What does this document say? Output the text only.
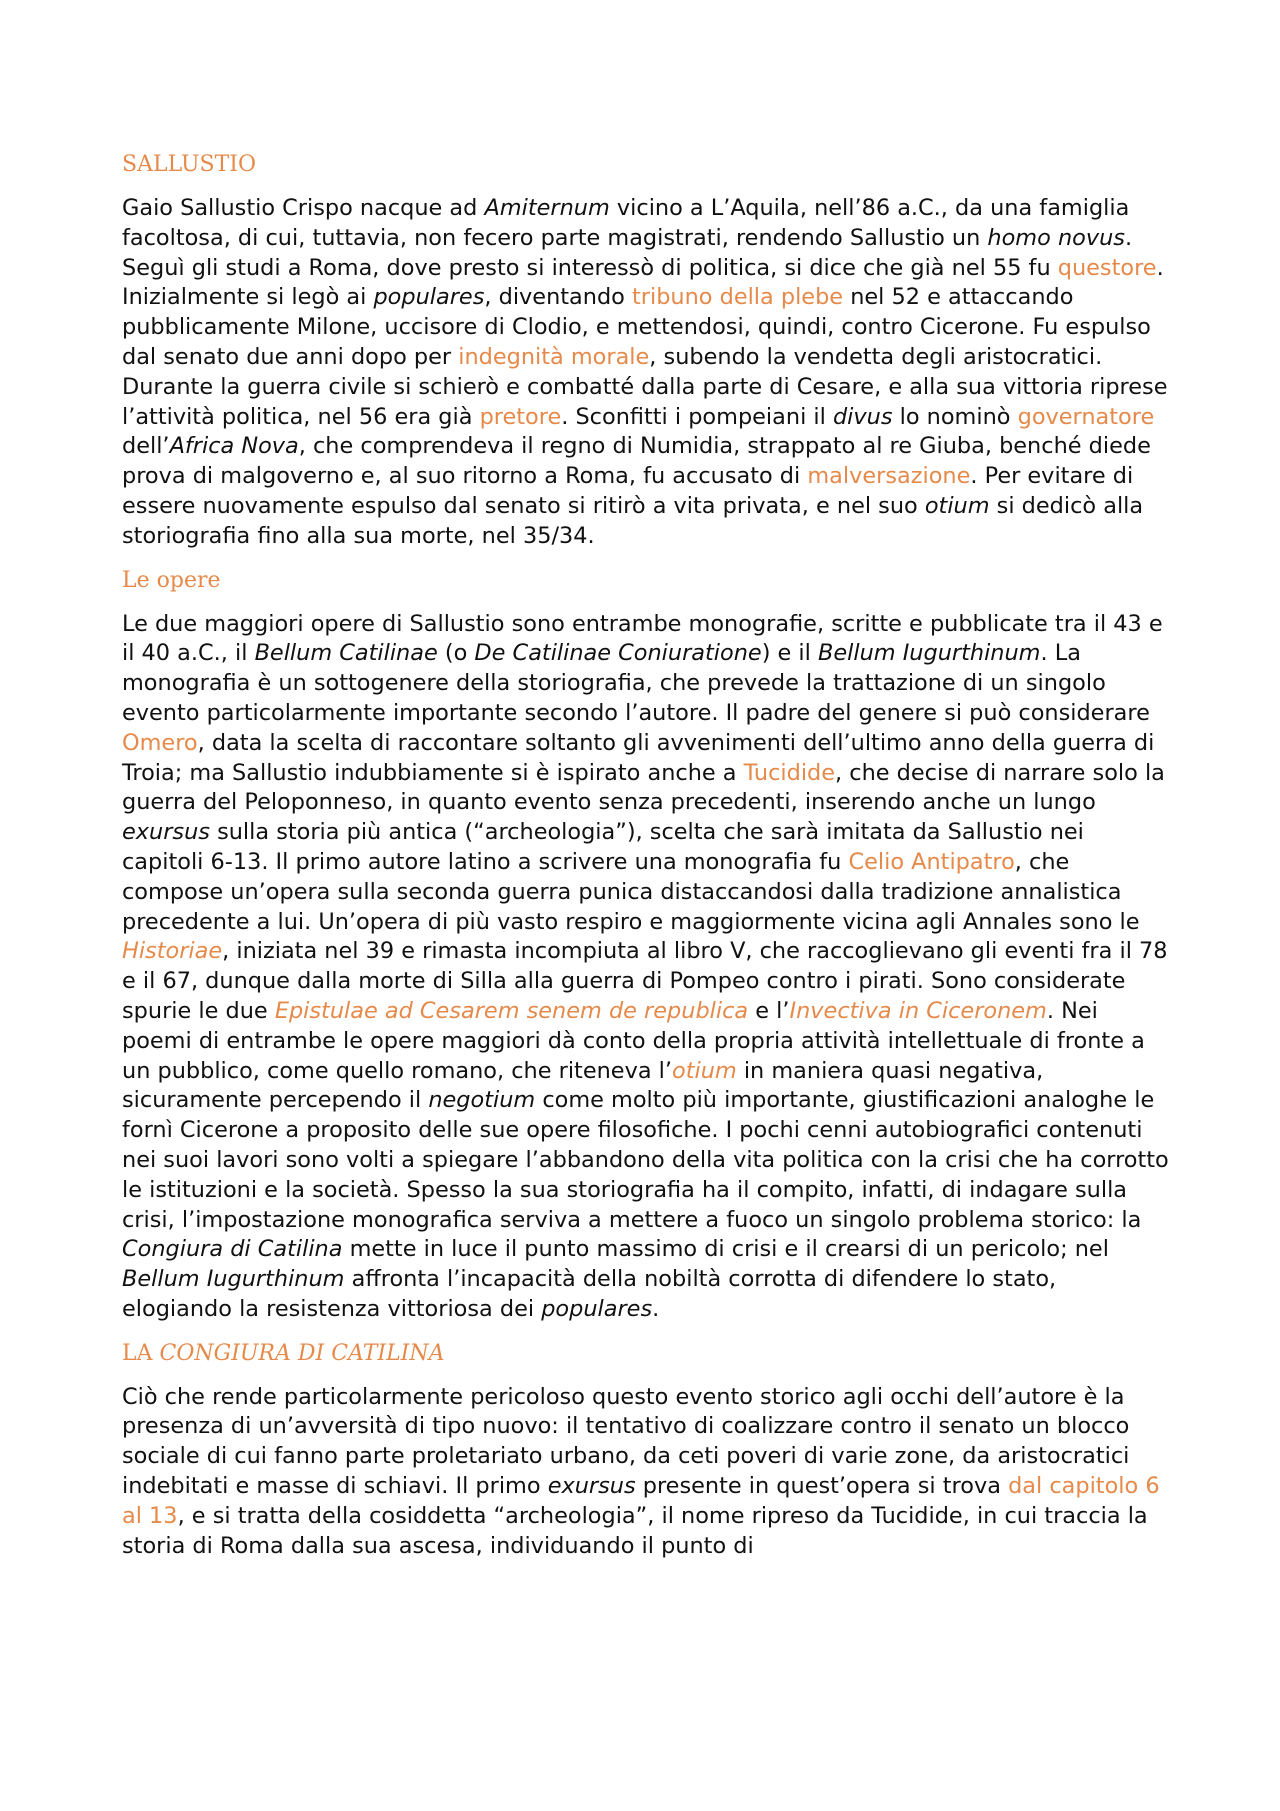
SALLUSTIO

Gaio Sallustio Crispo nacque ad Amiternum vicino a L’Aquila, nell’86 a.C., da una famiglia facoltosa, di cui, tuttavia, non fecero parte magistrati, rendendo Sallustio un homo novus. Seguì gli studi a Roma, dove presto si interessò di politica, si dice che già nel 55 fu questore. Inizialmente si legò ai populares, diventando tribuno della plebe nel 52 e attaccando pubblicamente Milone, uccisore di Clodio, e mettendosi, quindi, contro Cicerone. Fu espulso dal senato due anni dopo per indegnità morale, subendo la vendetta degli aristocratici. Durante la guerra civile si schierò e combatté dalla parte di Cesare, e alla sua vittoria riprese l’attività politica, nel 56 era già pretore. Sconfitti i pompeiani il divus lo nominò governatore dell’Africa Nova, che comprendeva il regno di Numidia, strappato al re Giuba, benché diede prova di malgoverno e, al suo ritorno a Roma, fu accusato di malversazione. Per evitare di essere nuovamente espulso dal senato si ritirò a vita privata, e nel suo otium si dedicò alla storiografia fino alla sua morte, nel 35/34.

Le opere

Le due maggiori opere di Sallustio sono entrambe monografie, scritte e pubblicate tra il 43 e il 40 a.C., il Bellum Catilinae (o De Catilinae Coniuratione) e il Bellum Iugurthinum. La monografia è un sottogenere della storiografia, che prevede la trattazione di un singolo evento particolarmente importante secondo l’autore. Il padre del genere si può considerare Omero, data la scelta di raccontare soltanto gli avvenimenti dell’ultimo anno della guerra di Troia; ma Sallustio indubbiamente si è ispirato anche a Tucidide, che decise di narrare solo la guerra del Peloponneso, in quanto evento senza precedenti, inserendo anche un lungo exursus sulla storia più antica (“archeologia”), scelta che sarà imitata da Sallustio nei capitoli 6-13. Il primo autore latino a scrivere una monografia fu Celio Antipatro, che compose un’opera sulla seconda guerra punica distaccandosi dalla tradizione annalistica precedente a lui. Un’opera di più vasto respiro e maggiormente vicina agli Annales sono le Historiae, iniziata nel 39 e rimasta incompiuta al libro V, che raccoglievano gli eventi fra il 78 e il 67, dunque dalla morte di Silla alla guerra di Pompeo contro i pirati. Sono considerate spurie le due Epistulae ad Cesarem senem de republica e l’Invectiva in Ciceronem. Nei poemi di entrambe le opere maggiori dà conto della propria attività intellettuale di fronte a un pubblico, come quello romano, che riteneva l’otium in maniera quasi negativa, sicuramente percependo il negotium come molto più importante, giustificazioni analoghe le fornì Cicerone a proposito delle sue opere filosofiche. I pochi cenni autobiografici contenuti nei suoi lavori sono volti a spiegare l’abbandono della vita politica con la crisi che ha corrotto le istituzioni e la società. Spesso la sua storiografia ha il compito, infatti, di indagare sulla crisi, l’impostazione monografica serviva a mettere a fuoco un singolo problema storico: la Congiura di Catilina mette in luce il punto massimo di crisi e il crearsi di un pericolo; nel Bellum Iugurthinum affronta l’incapacità della nobiltà corrotta di difendere lo stato, elogiando la resistenza vittoriosa dei populares.

LA CONGIURA DI CATILINA

Ciò che rende particolarmente pericoloso questo evento storico agli occhi dell’autore è la presenza di un’avversità di tipo nuovo: il tentativo di coalizzare contro il senato un blocco sociale di cui fanno parte proletariato urbano, da ceti poveri di varie zone, da aristocratici indebitati e masse di schiavi. Il primo exursus presente in quest’opera si trova dal capitolo 6 al 13, e si tratta della cosiddetta “archeologia”, il nome ripreso da Tucidide, in cui traccia la storia di Roma dalla sua ascesa, individuando il punto di
